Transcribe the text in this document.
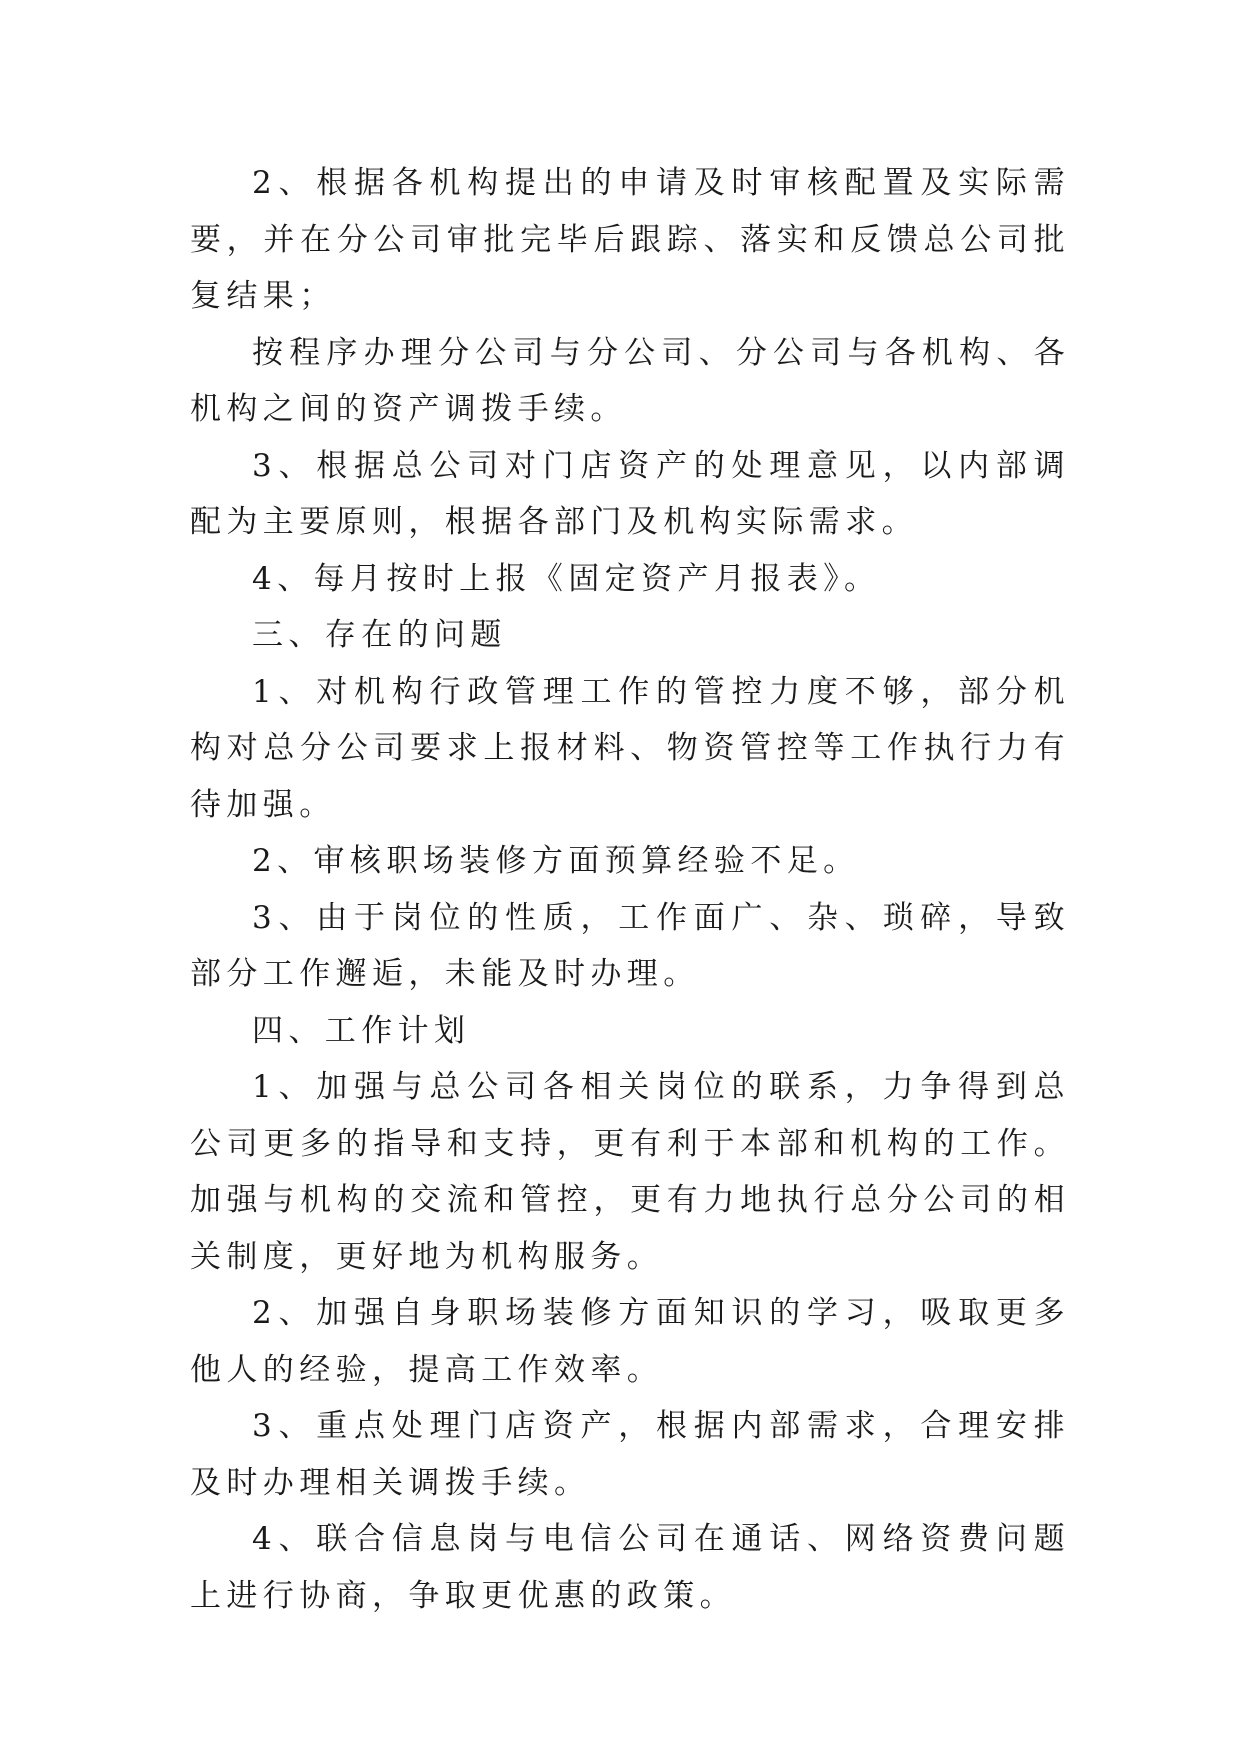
2、根据各机构提出的申请及时审核配置及实际需要，并在分公司审批完毕后跟踪、落实和反馈总公司批复结果；

按程序办理分公司与分公司、分公司与各机构、各机构之间的资产调拨手续。

3、根据总公司对门店资产的处理意见，以内部调配为主要原则，根据各部门及机构实际需求。

4、每月按时上报《固定资产月报表》。

三、存在的问题

1、对机构行政管理工作的管控力度不够，部分机构对总分公司要求上报材料、物资管控等工作执行力有待加强。

2、审核职场装修方面预算经验不足。

3、由于岗位的性质，工作面广、杂、琐碎，导致部分工作邂逅，未能及时办理。

四、工作计划

1、加强与总公司各相关岗位的联系，力争得到总公司更多的指导和支持，更有利于本部和机构的工作。加强与机构的交流和管控，更有力地执行总分公司的相关制度，更好地为机构服务。

2、加强自身职场装修方面知识的学习，吸取更多他人的经验，提高工作效率。

3、重点处理门店资产，根据内部需求，合理安排及时办理相关调拨手续。

4、联合信息岗与电信公司在通话、网络资费问题上进行协商，争取更优惠的政策。
